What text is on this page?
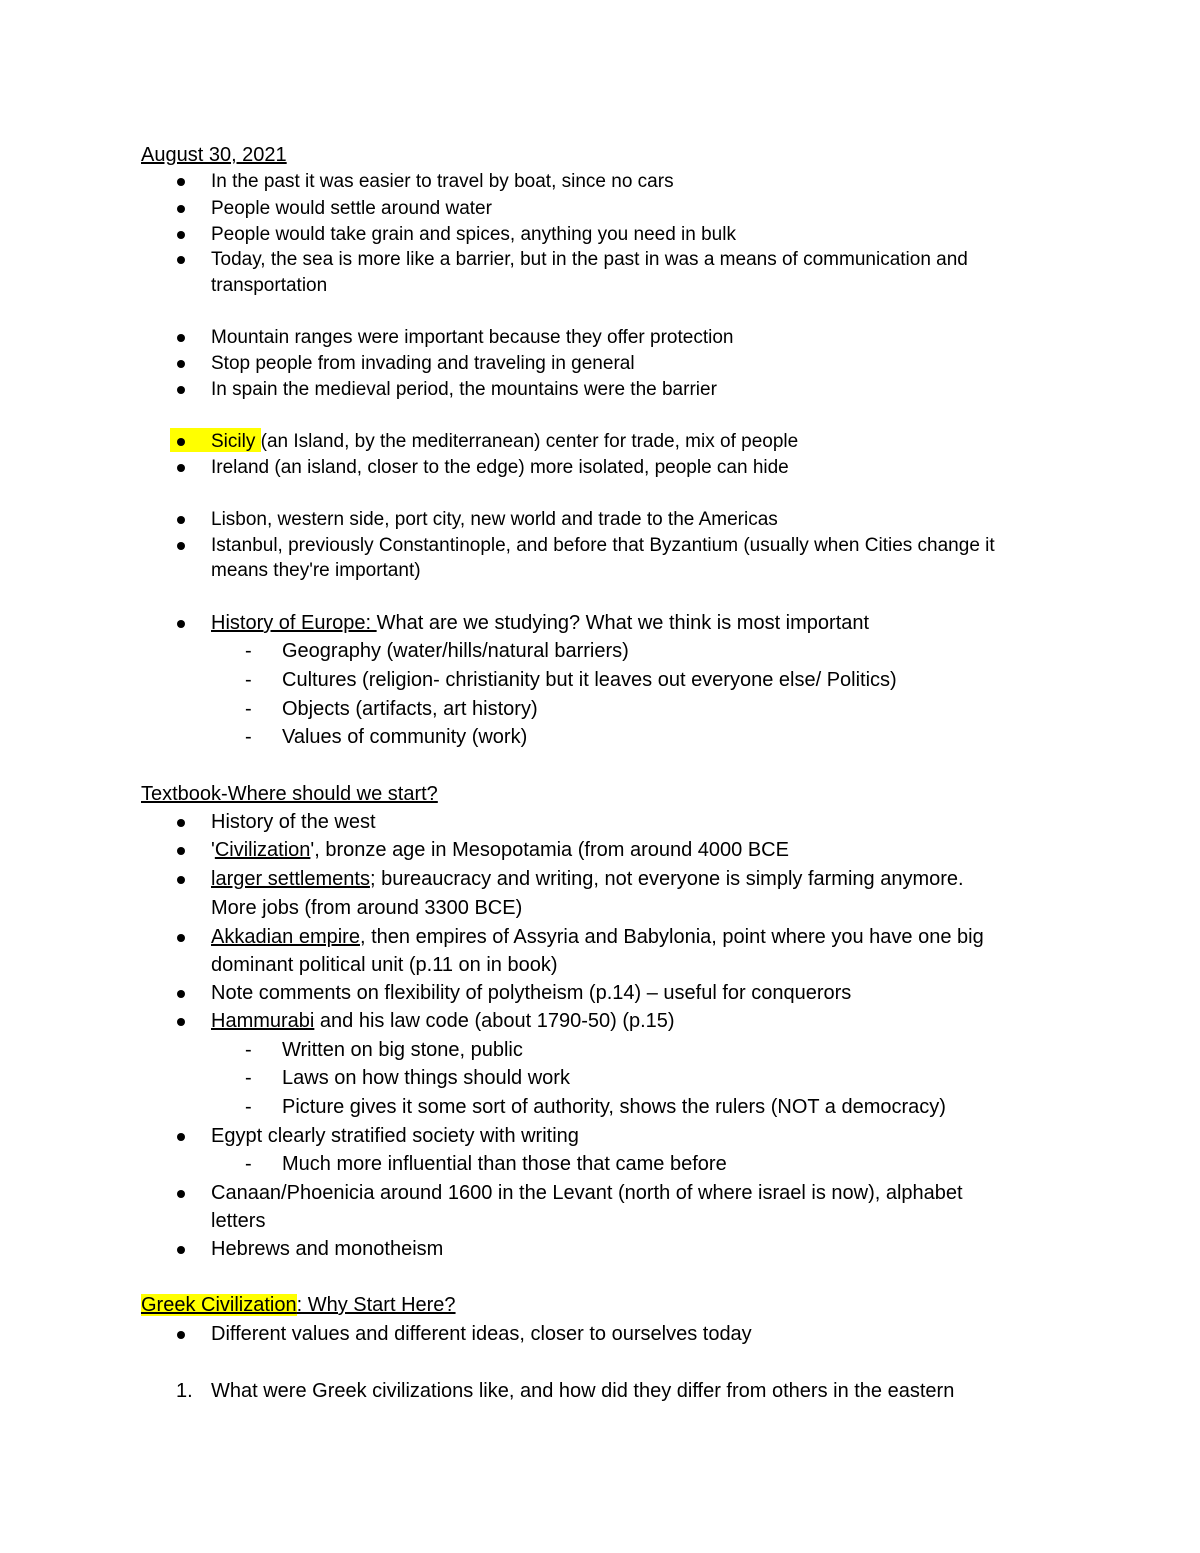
August 30, 2021
In the past it was easier to travel by boat, since no cars
People would settle around water
People would take grain and spices, anything you need in bulk
Today, the sea is more like a barrier, but in the past in was a means of communication and
transportation
Mountain ranges were important because they offer protection
Stop people from invading and traveling in general
In spain the medieval period, the mountains were the barrier
Sicily (an Island, by the mediterranean) center for trade, mix of people
Ireland (an island, closer to the edge) more isolated, people can hide
Lisbon, western side, port city, new world and trade to the Americas
Istanbul, previously Constantinople, and before that Byzantium (usually when Cities change it
means they're important)
History of Europe: What are we studying? What we think is most important
- Geography (water/hills/natural barriers)
- Cultures (religion- christianity but it leaves out everyone else/ Politics)
- Objects (artifacts, art history)
- Values of community (work)
Textbook-Where should we start?
History of the west
'Civilization', bronze age in Mesopotamia (from around 4000 BCE
larger settlements; bureaucracy and writing, not everyone is simply farming anymore.
More jobs (from around 3300 BCE)
Akkadian empire, then empires of Assyria and Babylonia, point where you have one big
dominant political unit (p.11 on in book)
Note comments on flexibility of polytheism (p.14) – useful for conquerors
Hammurabi and his law code (about 1790-50) (p.15)
- Written on big stone, public
- Laws on how things should work
- Picture gives it some sort of authority, shows the rulers (NOT a democracy)
Egypt clearly stratified society with writing
- Much more influential than those that came before
Canaan/Phoenicia around 1600 in the Levant (north of where israel is now), alphabet
letters
Hebrews and monotheism
Greek Civilization: Why Start Here?
Different values and different ideas, closer to ourselves today
1. What were Greek civilizations like, and how did they differ from others in the eastern
